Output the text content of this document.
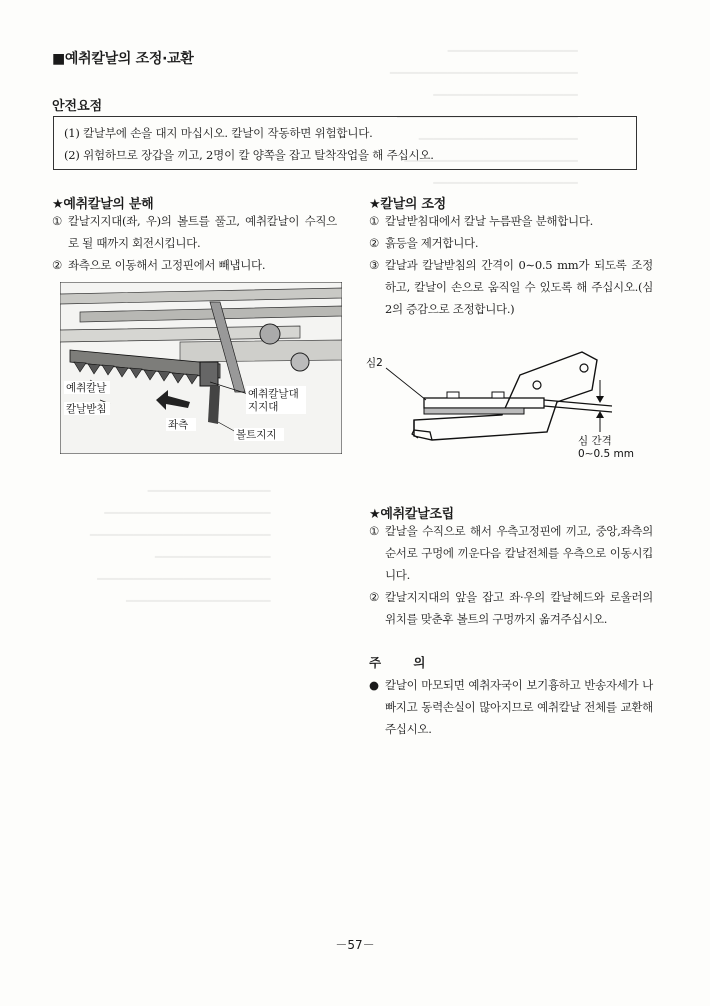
━━━━━━━━━━━━━━━━━━
━━━━━━━━━━━━━━━━━━━━━━━━━━
━━━━━━━━━━━━━━━━━━━━
━━━━━━━━━━━━━━━━━━━━━━━━━
━━━━━━━━━━━━━━━━━━━━━━
━━━━━━━━━━━━━━━━━━━━━━━━
━━━━━━━━━━━━━━━━━━━━
━━━━━━━━━━━━━━━━━
━━━━━━━━━━━━━━━━━━━━━━━
━━━━━━━━━━━━━━━━━━━━━━━━━
━━━━━━━━━━━━━━━━
━━━━━━━━━━━━━━━━━━━━━━━━
━━━━━━━━━━━━━━━━━━━━
■예취칼날의 조정·교환
안전요점
(1) 칼날부에 손을 대지 마십시오. 칼날이 작동하면 위험합니다.
(2) 위험하므로 장갑을 끼고, 2명이 칼 양쪽을 잡고 탈착작업을 해 주십시오.
★예취칼날의 분해
① 칼날지지대(좌, 우)의 볼트를 풀고, 예취칼날이 수직으로 될 때까지 회전시킵니다.
② 좌측으로 이동해서 고정핀에서 빼냅니다.
예취칼날
칼날받침
좌측
예취칼날대
지지대
볼트지지
★칼날의 조정
① 칼날받침대에서 칼날 누름판을 분해합니다.
② 흙등을 제거합니다.
③ 칼날과 칼날받침의 간격이 0∼0.5 mm가 되도록 조정하고, 칼날이 손으로 움직일 수 있도록 해 주십시오.(심 2의 증감으로 조정합니다.)
심2
심 간격
0∼0.5 mm
★예취칼날조립
① 칼날을 수직으로 해서 우측고정핀에 끼고, 중앙,좌측의 순서로 구멍에 끼운다음 칼날전체를 우측으로 이동시킵니다.
② 칼날지지대의 앞을 잡고 좌·우의 칼날헤드와 로울러의 위치를 맞춘후 볼트의 구멍까지 옮겨주십시오.
주 의
● 칼날이 마모되면 예취자국이 보기흉하고 반송자세가 나빠지고 동력손실이 많아지므로 예취칼날 전체를 교환해 주십시오.
－57－
